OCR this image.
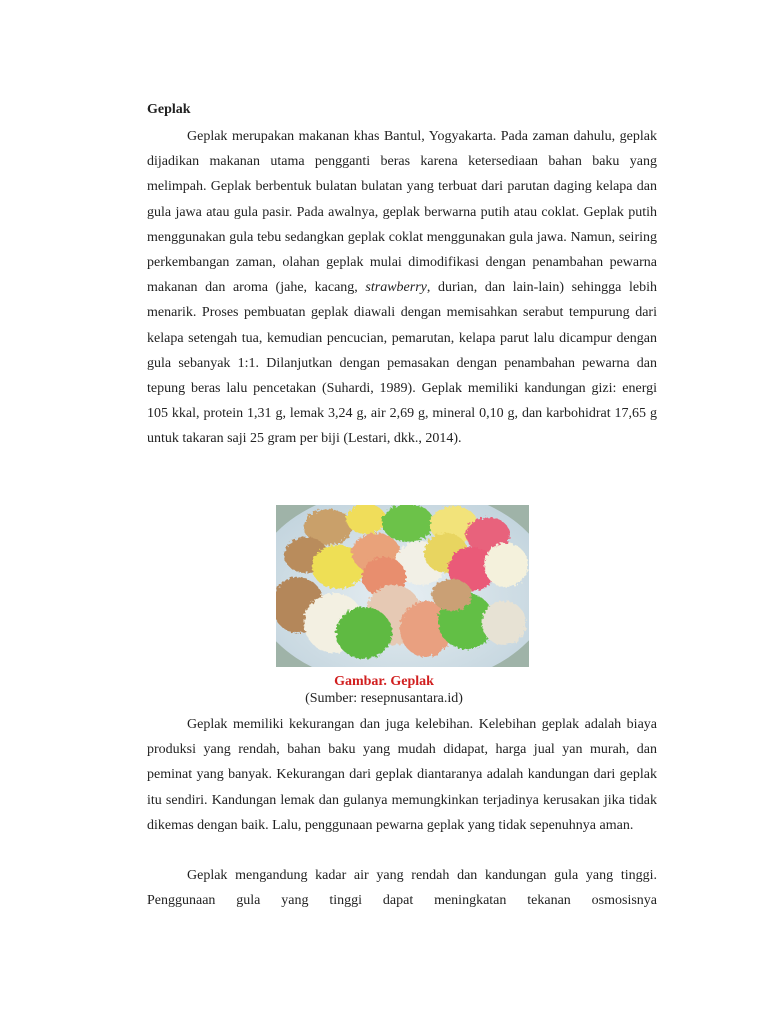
Geplak

Geplak merupakan makanan khas Bantul, Yogyakarta. Pada zaman dahulu, geplak dijadikan makanan utama pengganti beras karena ketersediaan bahan baku yang melimpah. Geplak berbentuk bulatan bulatan yang terbuat dari parutan daging kelapa dan gula jawa atau gula pasir. Pada awalnya, geplak berwarna putih atau coklat. Geplak putih menggunakan gula tebu sedangkan geplak coklat menggunakan gula jawa. Namun, seiring perkembangan zaman, olahan geplak mulai dimodifikasi dengan penambahan pewarna makanan dan aroma (jahe, kacang, strawberry, durian, dan lain-lain) sehingga lebih menarik. Proses pembuatan geplak diawali dengan memisahkan serabut tempurung dari kelapa setengah tua, kemudian pencucian, pemarutan, kelapa parut lalu dicampur dengan gula sebanyak 1:1. Dilanjutkan dengan pemasakan dengan penambahan pewarna dan tepung beras lalu pencetakan (Suhardi, 1989). Geplak memiliki kandungan gizi: energi 105 kkal, protein 1,31 g, lemak 3,24 g, air 2,69 g, mineral 0,10 g, dan karbohidrat 17,65 g untuk takaran saji 25 gram per biji (Lestari, dkk., 2014).

Gambar. Geplak
(Sumber: resepnusantara.id)

Geplak memiliki kekurangan dan juga kelebihan. Kelebihan geplak adalah biaya produksi yang rendah, bahan baku yang mudah didapat, harga jual yan murah, dan peminat yang banyak. Kekurangan dari geplak diantaranya adalah kandungan dari geplak itu sendiri. Kandungan lemak dan gulanya memungkinkan terjadinya kerusakan jika tidak dikemas dengan baik. Lalu, penggunaan pewarna geplak yang tidak sepenuhnya aman.

Geplak mengandung kadar air yang rendah dan kandungan gula yang tinggi. Penggunaan gula yang tinggi dapat meningkatan tekanan osmosisnya
